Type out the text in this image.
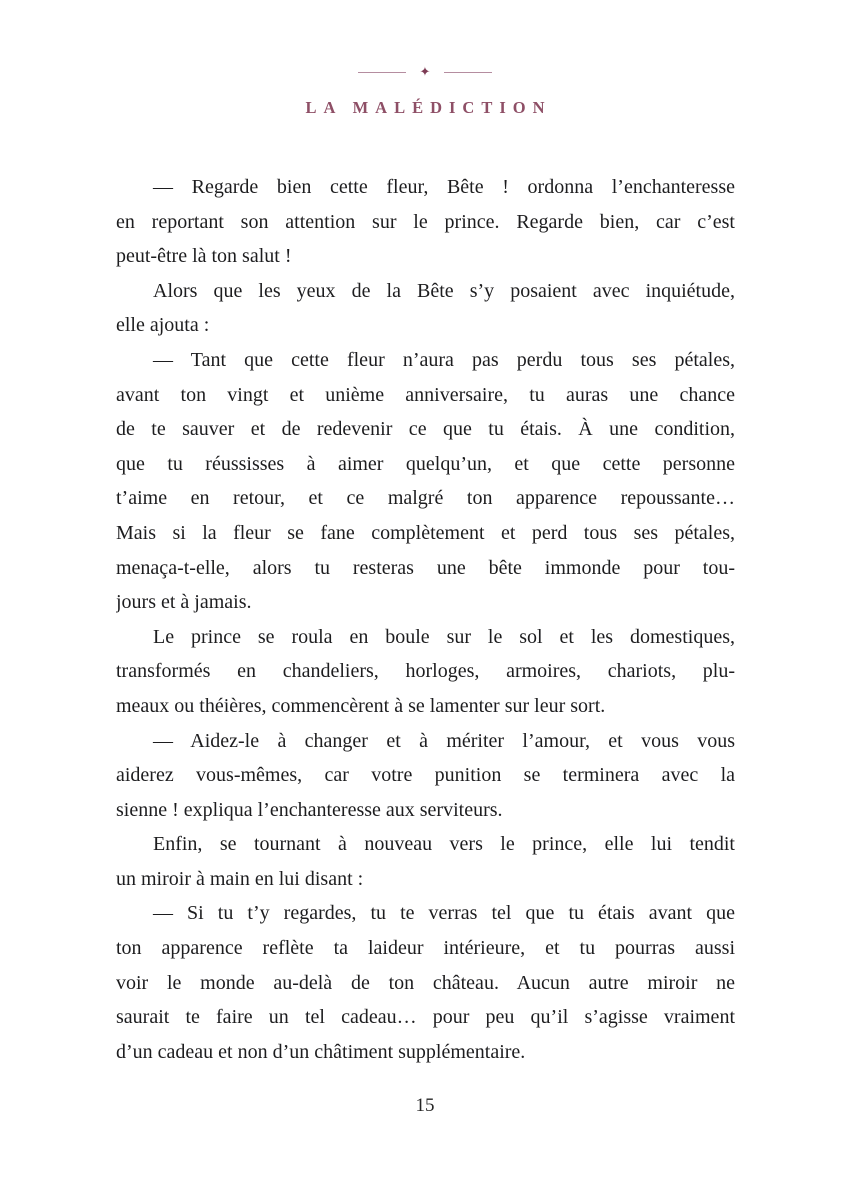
✦
LA MALÉDICTION
— Regarde bien cette fleur, Bête ! ordonna l’enchanteresse
en reportant son attention sur le prince. Regarde bien, car c’est
peut-être là ton salut !
Alors que les yeux de la Bête s’y posaient avec inquiétude,
elle ajouta :
— Tant que cette fleur n’aura pas perdu tous ses pétales,
avant ton vingt et unième anniversaire, tu auras une chance
de te sauver et de redevenir ce que tu étais. À une condition,
que tu réussisses à aimer quelqu’un, et que cette personne
t’aime en retour, et ce malgré ton apparence repoussante…
Mais si la fleur se fane complètement et perd tous ses pétales,
menaça-t-elle, alors tu resteras une bête immonde pour tou-
jours et à jamais.
Le prince se roula en boule sur le sol et les domestiques,
transformés en chandeliers, horloges, armoires, chariots, plu-
meaux ou théières, commencèrent à se lamenter sur leur sort.
— Aidez-le à changer et à mériter l’amour, et vous vous
aiderez vous-mêmes, car votre punition se terminera avec la
sienne ! expliqua l’enchanteresse aux serviteurs.
Enfin, se tournant à nouveau vers le prince, elle lui tendit
un miroir à main en lui disant :
— Si tu t’y regardes, tu te verras tel que tu étais avant que
ton apparence reflète ta laideur intérieure, et tu pourras aussi
voir le monde au-delà de ton château. Aucun autre miroir ne
saurait te faire un tel cadeau… pour peu qu’il s’agisse vraiment
d’un cadeau et non d’un châtiment supplémentaire.
15
